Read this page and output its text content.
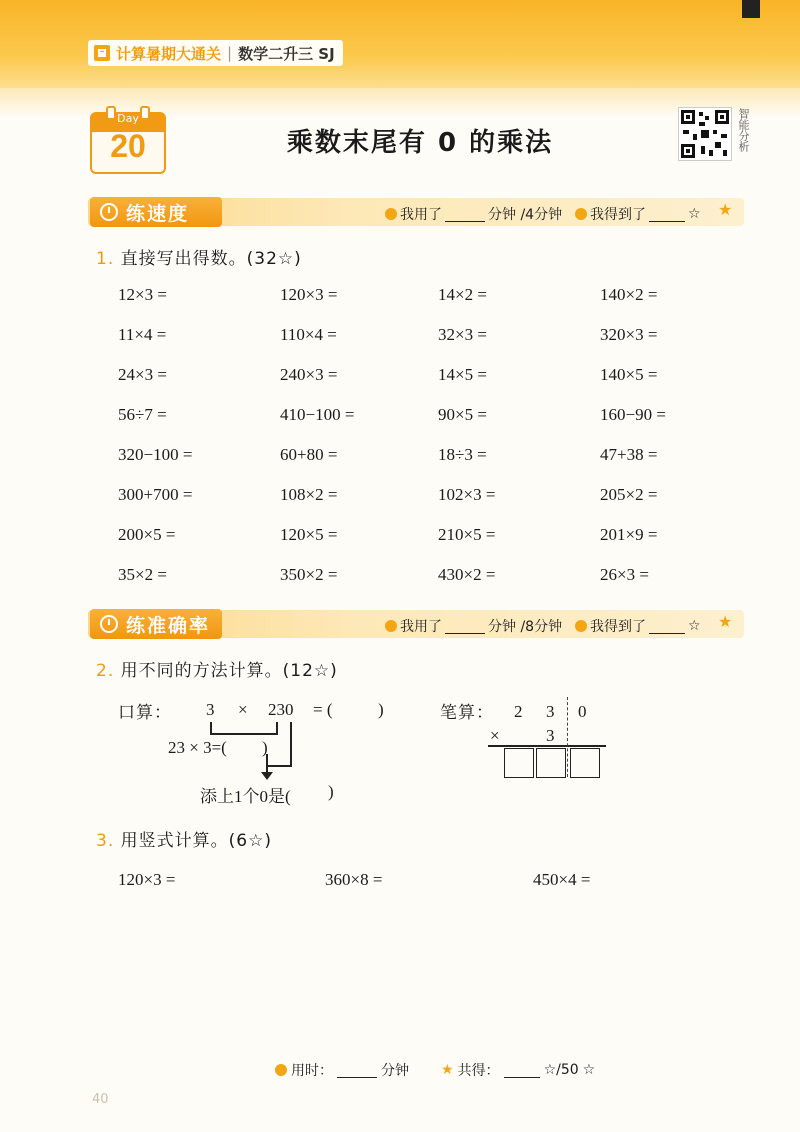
计算暑期大通关 | 数学二升三 SJ
Day
20	乘数末尾有 0 的乘法	智能分析
练速度	我用了	分钟 /4分钟 我得到了	☆ ★
1. 直接写出得数。(32☆)
12×3 =	120×3 =	14×2 =	140×2 =
11×4 =	110×4 =	32×3 =	320×3 =
24×3 =	240×3 =	14×5 =	140×5 =
56÷7 =	410−100 =	90×5 =	160−90 =
320−100 =	60+80 =	18÷3 =	47+38 =
300+700 =	108×2 =	102×3 =	205×2 =
200×5 =	120×5 =	210×5 =	201×9 =
35×2 =	350×2 =	430×2 =	26×3 =
练准确率	我用了	分钟 /8分钟 我得到了	☆ ★
2. 用不同的方法计算。(12☆)
口算： 3 × 230 = (	)
23 × 3=( )
添上1个0是( )
笔算： 2 3 0
×	3
3. 用竖式计算。(6☆)
120×3 =	360×8 =	450×4 =
用时：	分钟 ★ 共得：	☆/50 ☆
40
